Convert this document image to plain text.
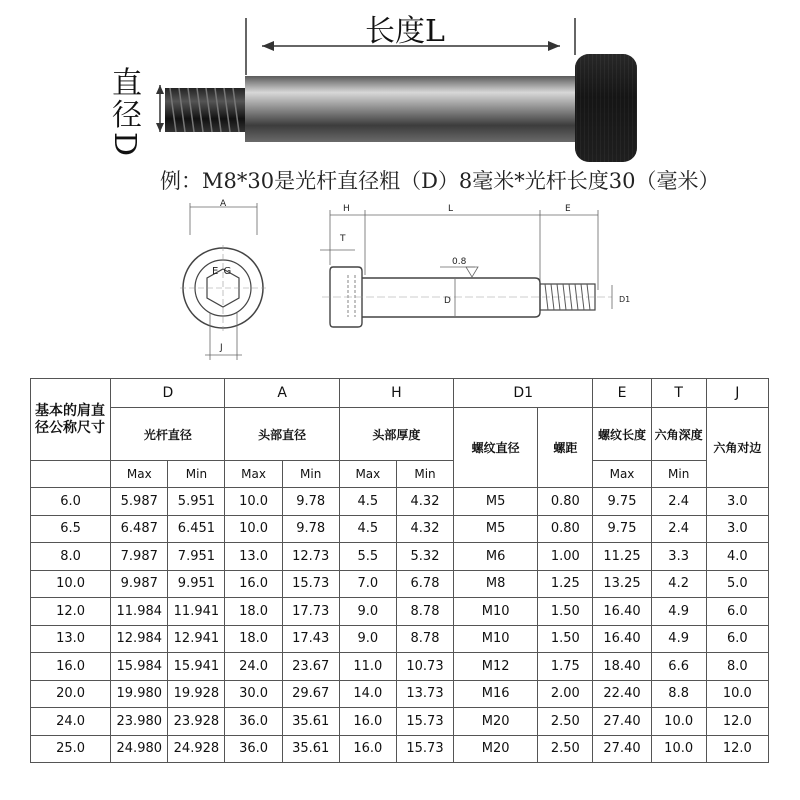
长度L
直径
D
例：M8*30是光杆直径粗（D）8毫米*光杆长度30（毫米）
A
E G
J
H	L	E
T
0.8
D	D1
基本的肩直径公称尺寸	D		A		H		D1		E	T	J
	光杆直径		头部直径		头部厚度		螺纹直径	螺距	螺纹长度	六角深度	六角对边
	Max	Min	Max	Min	Max	Min			Max	Min	
6.0	5.987	5.951	10.0	9.78	4.5	4.32	M5	0.80	9.75	2.4	3.0
6.5	6.487	6.451	10.0	9.78	4.5	4.32	M5	0.80	9.75	2.4	3.0
8.0	7.987	7.951	13.0	12.73	5.5	5.32	M6	1.00	11.25	3.3	4.0
10.0	9.987	9.951	16.0	15.73	7.0	6.78	M8	1.25	13.25	4.2	5.0
12.0	11.984	11.941	18.0	17.73	9.0	8.78	M10	1.50	16.40	4.9	6.0
13.0	12.984	12.941	18.0	17.43	9.0	8.78	M10	1.50	16.40	4.9	6.0
16.0	15.984	15.941	24.0	23.67	11.0	10.73	M12	1.75	18.40	6.6	8.0
20.0	19.980	19.928	30.0	29.67	14.0	13.73	M16	2.00	22.40	8.8	10.0
24.0	23.980	23.928	36.0	35.61	16.0	15.73	M20	2.50	27.40	10.0	12.0
25.0	24.980	24.928	36.0	35.61	16.0	15.73	M20	2.50	27.40	10.0	12.0
